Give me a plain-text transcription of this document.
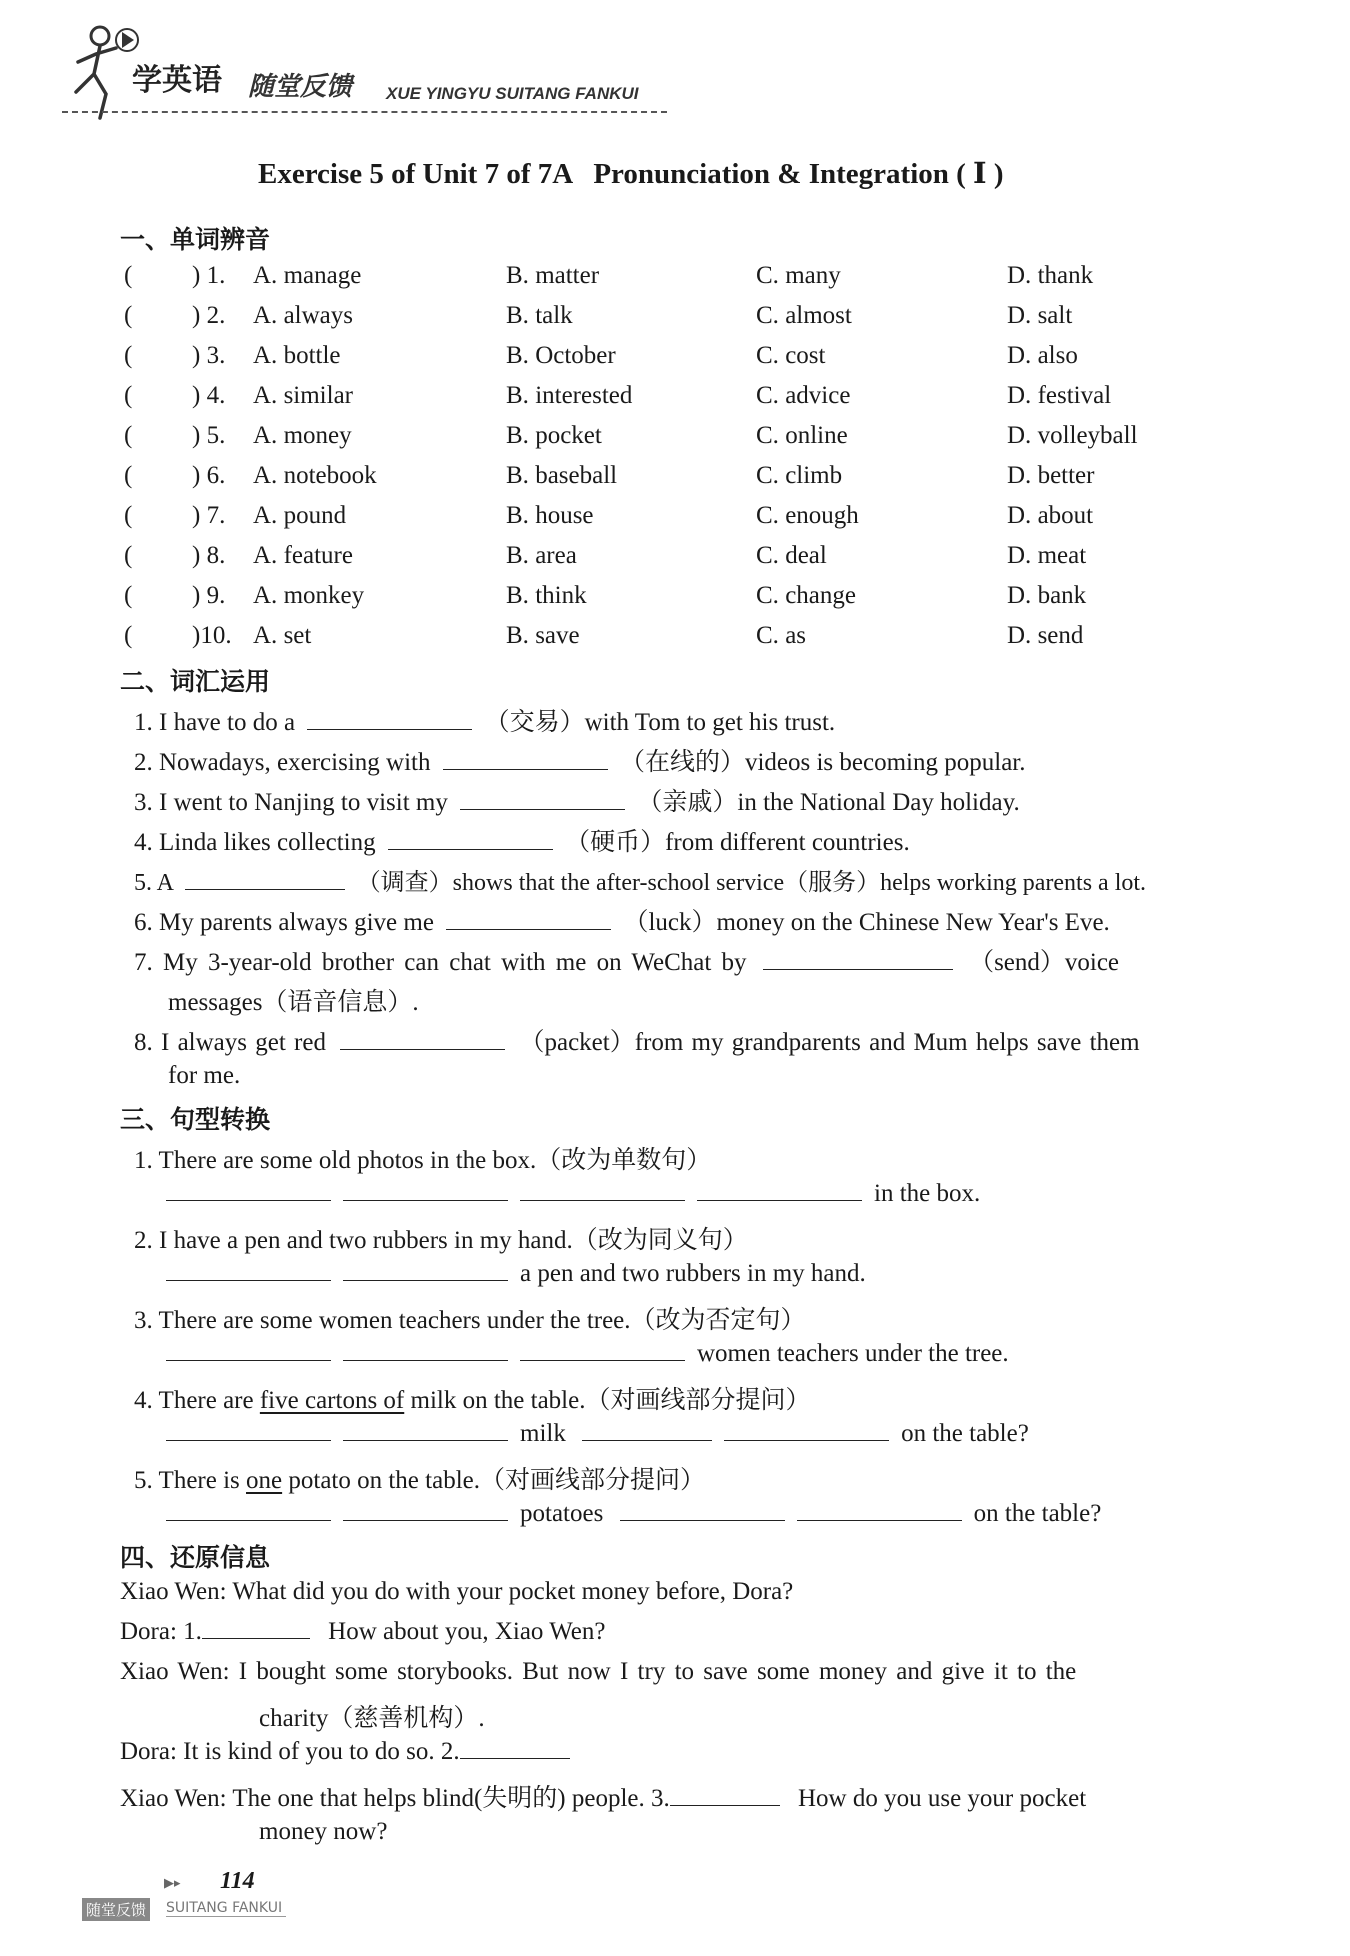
学英语 随堂反馈 XUE YINGYU SUITANG FANKUI
Exercise 5 of Unit 7 of 7A   Pronunciation & Integration ( Ⅰ )
一、单词辨音
( ) 1. A. manage	B. matter	C. many	D. thank
( ) 2. A. always	B. talk	C. almost	D. salt
( ) 3. A. bottle	B. October	C. cost	D. also
( ) 4. A. similar	B. interested	C. advice	D. festival
( ) 5. A. money	B. pocket	C. online	D. volleyball
( ) 6. A. notebook	B. baseball	C. climb	D. better
( ) 7. A. pound	B. house	C. enough	D. about
( ) 8. A. feature	B. area	C. deal	D. meat
( ) 9. A. monkey	B. think	C. change	D. bank
( )10. A. set	B. save	C. as	D. send
二、词汇运用
1. I have to do a	（交易）with Tom to get his trust.
2. Nowadays, exercising with	（在线的）videos is becoming popular.
3. I went to Nanjing to visit my	（亲戚）in the National Day holiday.
4. Linda likes collecting	（硬币）from different countries.
5. A	（调查）shows that the after-school service（服务）helps working parents a lot.
6. My parents always give me	（luck）money on the Chinese New Year's Eve.
7. My 3-year-old brother can chat with me on WeChat by	（send）voice
messages（语音信息）.
8. I always get red	（packet）from my grandparents and Mum helps save them
for me.
三、句型转换
1. There are some old photos in the box.（改为单数句）
in the box.
2. I have a pen and two rubbers in my hand.（改为同义句）
a pen and two rubbers in my hand.
3. There are some women teachers under the tree.（改为否定句）
women teachers under the tree.
4. There are five cartons of milk on the table.（对画线部分提问）
milk	on the table?
5. There is one potato on the table.（对画线部分提问）
potatoes	on the table?
四、还原信息
Xiao Wen: What did you do with your pocket money before, Dora?
Dora: 1.	How about you, Xiao Wen?
Xiao Wen: I bought some storybooks. But now I try to save some money and give it to the
charity（慈善机构）.
Dora: It is kind of you to do so. 2.
Xiao Wen: The one that helps blind(失明的) people. 3.	How do you use your pocket
money now?
▶▸ 114
随堂反馈 SUITANG FANKUI
